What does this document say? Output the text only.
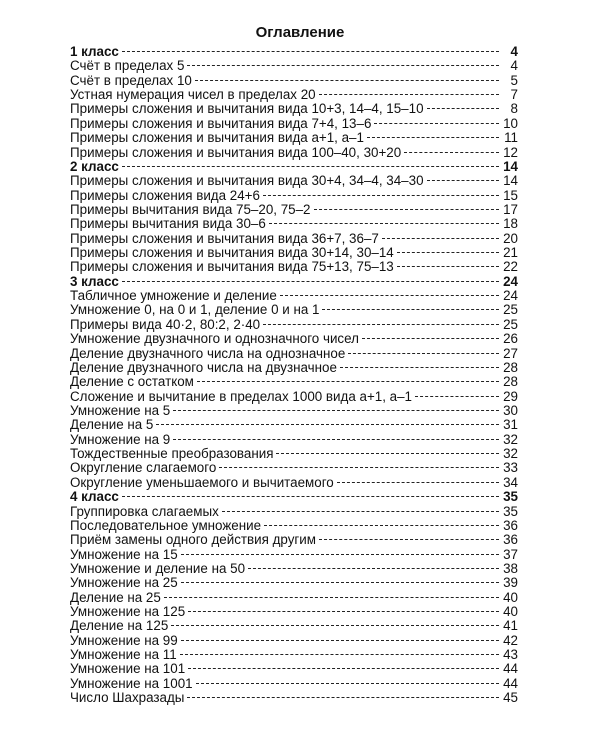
Оглавление
1 класс	4
Счёт в пределах 5	4
Счёт в пределах 10	5
Устная нумерация чисел в пределах 20	7
Примеры сложения и вычитания вида 10+3, 14–4, 15–10	8
Примеры сложения и вычитания вида 7+4, 13–6	10
Примеры сложения и вычитания вида a+1, a–1	11
Примеры сложения и вычитания вида 100–40, 30+20	12
2 класс	14
Примеры сложения и вычитания вида 30+4, 34–4, 34–30	14
Примеры сложения вида 24+6	15
Примеры вычитания вида 75–20, 75–2	17
Примеры вычитания вида 30–6	18
Примеры сложения и вычитания вида 36+7, 36–7	20
Примеры сложения и вычитания вида 30+14, 30–14	21
Примеры сложения и вычитания вида 75+13, 75–13	22
3 класс	24
Табличное умножение и деление	24
Умножение 0, на 0 и 1, деление 0 и на 1	25
Примеры вида 40·2, 80:2, 2·40	25
Умножение двузначного и однозначного чисел	26
Деление двузначного числа на однозначное	27
Деление двузначного числа на двузначное	28
Деление с остатком	28
Сложение и вычитание в пределах 1000 вида a+1, a–1	29
Умножение на 5	30
Деление на 5	31
Умножение на 9	32
Тождественные преобразования	32
Округление слагаемого	33
Округление уменьшаемого и вычитаемого	34
4 класс	35
Группировка слагаемых	35
Последовательное умножение	36
Приём замены одного действия другим	36
Умножение на 15	37
Умножение и деление на 50	38
Умножение на 25	39
Деление на 25	40
Умножение на 125	40
Деление на 125	41
Умножение на 99	42
Умножение на 11	43
Умножение на 101	44
Умножение на 1001	44
Число Шахразады	45
